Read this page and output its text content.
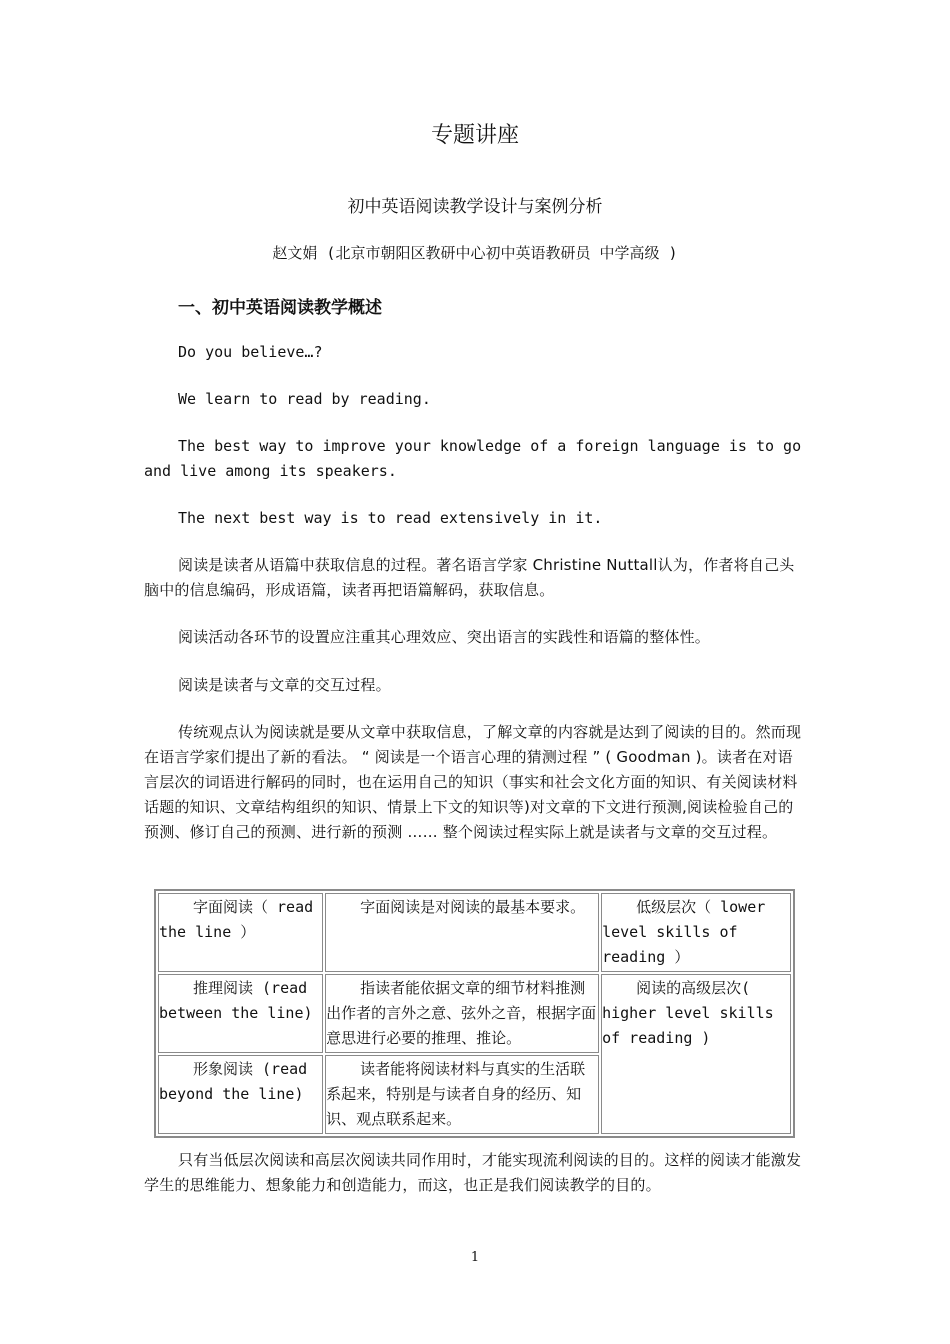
专题讲座

初中英语阅读教学设计与案例分析

赵文娟 (北京市朝阳区教研中心初中英语教研员 中学高级 )

一、初中英语阅读教学概述

Do you believe…?

We learn to read by reading.

The best way to improve your knowledge of a foreign language is to go and live among its speakers.

The next best way is to read extensively in it.

阅读是读者从语篇中获取信息的过程。著名语言学家 Christine Nuttall认为，作者将自己头脑中的信息编码，形成语篇，读者再把语篇解码，获取信息。

阅读活动各环节的设置应注重其心理效应、突出语言的实践性和语篇的整体性。

阅读是读者与文章的交互过程。

传统观点认为阅读就是要从文章中获取信息，了解文章的内容就是达到了阅读的目的。然而现在语言学家们提出了新的看法。 “ 阅读是一个语言心理的猜测过程 ” ( Goodman )。读者在对语言层次的词语进行解码的同时，也在运用自己的知识（事实和社会文化方面的知识、有关阅读材料话题的知识、文章结构组织的知识、情景上下文的知识等)对文章的下文进行预测,阅读检验自己的预测、修订自己的预测、进行新的预测 …… 整个阅读过程实际上就是读者与文章的交互过程。

字面阅读（ read the line ）	字面阅读是对阅读的最基本要求。	低级层次（ lower level skills of reading ）

推理阅读 (read between the line)	指读者能依据文章的细节材料推测出作者的言外之意、弦外之音，根据字面意思进行必要的推理、推论。	阅读的高级层次( higher level skills of reading )

形象阅读 (read beyond the line)	读者能将阅读材料与真实的生活联系起来，特别是与读者自身的经历、知识、观点联系起来。	

只有当低层次阅读和高层次阅读共同作用时，才能实现流利阅读的目的。这样的阅读才能激发学生的思维能力、想象能力和创造能力，而这，也正是我们阅读教学的目的。

1
